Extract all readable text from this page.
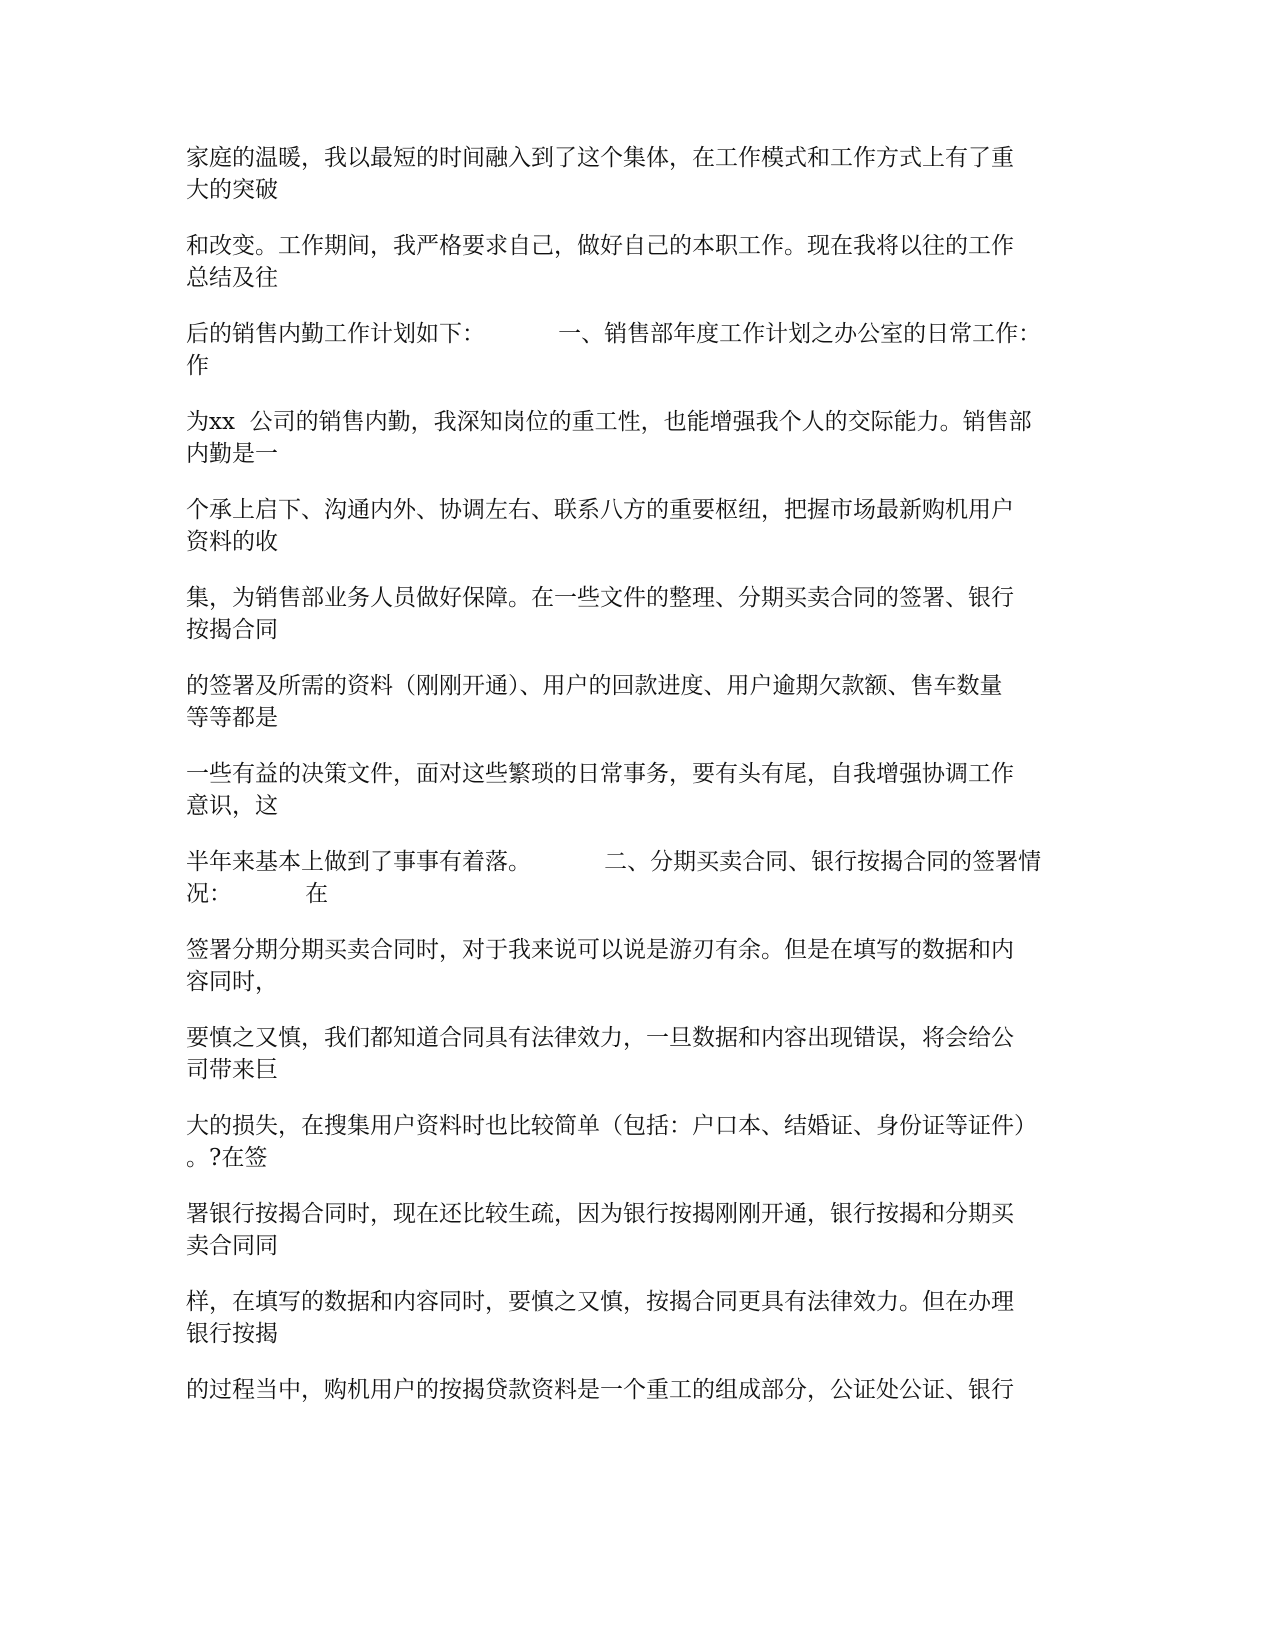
家庭的温暖，我以最短的时间融入到了这个集体，在工作模式和工作方式上有了重
大的突破
和改变。工作期间，我严格要求自己，做好自己的本职工作。现在我将以往的工作
总结及往
后的销售内勤工作计划如下：          一、销售部年度工作计划之办公室的日常工作：
作
为xx  公司的销售内勤，我深知岗位的重工性，也能增强我个人的交际能力。销售部
内勤是一
个承上启下、沟通内外、协调左右、联系八方的重要枢纽，把握市场最新购机用户
资料的收
集，为销售部业务人员做好保障。在一些文件的整理、分期买卖合同的签署、银行
按揭合同
的签署及所需的资料（刚刚开通）、用户的回款进度、用户逾期欠款额、售车数量
等等都是
一些有益的决策文件，面对这些繁琐的日常事务，要有头有尾，自我增强协调工作
意识，这
半年来基本上做到了事事有着落。          二、分期买卖合同、银行按揭合同的签署情
况：          在
签署分期分期买卖合同时，对于我来说可以说是游刃有余。但是在填写的数据和内
容同时，
要慎之又慎，我们都知道合同具有法律效力，一旦数据和内容出现错误，将会给公
司带来巨
大的损失，在搜集用户资料时也比较简单（包括：户口本、结婚证、身份证等证件）
。?在签
署银行按揭合同时，现在还比较生疏，因为银行按揭刚刚开通，银行按揭和分期买
卖合同同
样，在填写的数据和内容同时，要慎之又慎，按揭合同更具有法律效力。但在办理
银行按揭
的过程当中，购机用户的按揭贷款资料是一个重工的组成部分，公证处公证、银行
